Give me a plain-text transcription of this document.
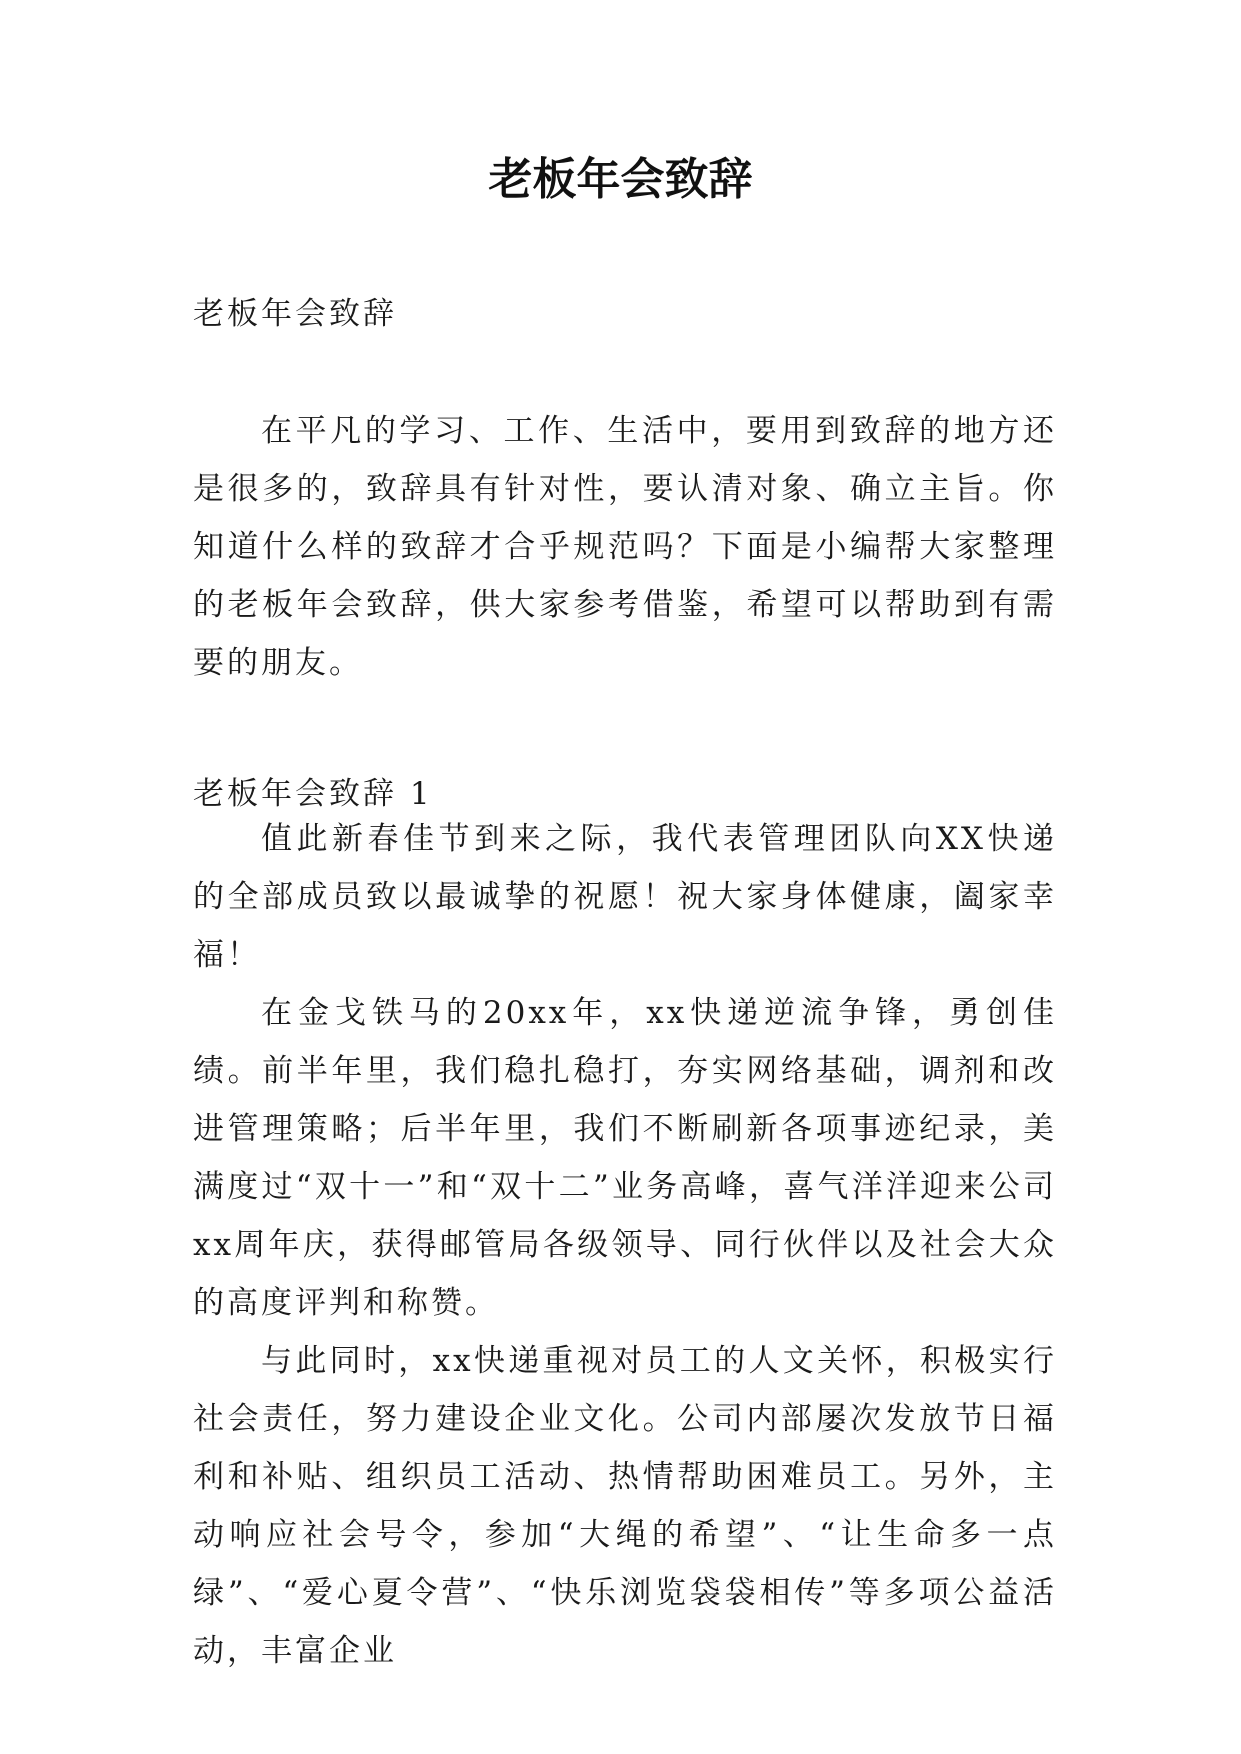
老板年会致辞

老板年会致辞

在平凡的学习、工作、生活中，要用到致辞的地方还是很多的，致辞具有针对性，要认清对象、确立主旨。你知道什么样的致辞才合乎规范吗？下面是小编帮大家整理的老板年会致辞，供大家参考借鉴，希望可以帮助到有需要的朋友。

老板年会致辞 1

值此新春佳节到来之际，我代表管理团队向XX快递的全部成员致以最诚挚的祝愿！祝大家身体健康，阖家幸福！

在金戈铁马的20xx年，xx快递逆流争锋，勇创佳绩。前半年里，我们稳扎稳打，夯实网络基础，调剂和改进管理策略；后半年里，我们不断刷新各项事迹纪录，美满度过“双十一”和“双十二”业务高峰，喜气洋洋迎来公司xx周年庆，获得邮管局各级领导、同行伙伴以及社会大众的高度评判和称赞。

与此同时，xx快递重视对员工的人文关怀，积极实行社会责任，努力建设企业文化。公司内部屡次发放节日福利和补贴、组织员工活动、热情帮助困难员工。另外，主动响应社会号令，参加“大绳的希望”、“让生命多一点绿”、“爱心夏令营”、“快乐浏览袋袋相传”等多项公益活动，丰富企业
